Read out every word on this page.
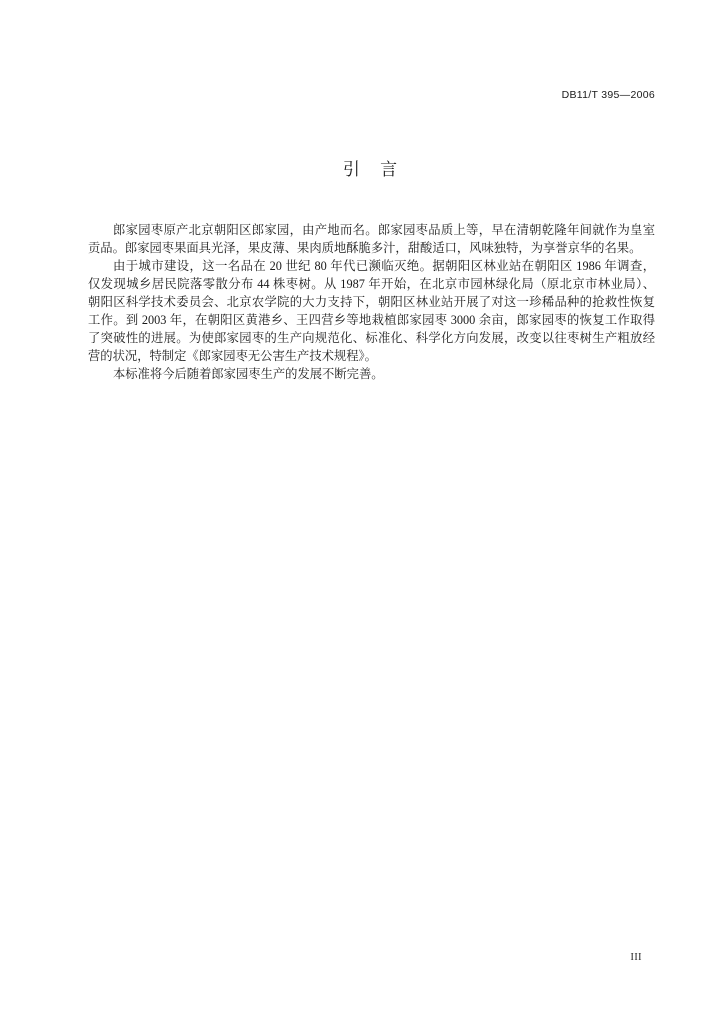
DB11/T 395—2006
引 言
郎家园枣原产北京朝阳区郎家园，由产地而名。郎家园枣品质上等，早在清朝乾隆年间就作为皇室
贡品。郎家园枣果面具光泽，果皮薄、果肉质地酥脆多汁，甜酸适口，风味独特，为享誉京华的名果。
由于城市建设，这一名品在 20 世纪 80 年代已濒临灭绝。据朝阳区林业站在朝阳区 1986 年调查，
仅发现城乡居民院落零散分布 44 株枣树。从 1987 年开始，在北京市园林绿化局（原北京市林业局）、
朝阳区科学技术委员会、北京农学院的大力支持下，朝阳区林业站开展了对这一珍稀品种的抢救性恢复
工作。到 2003 年，在朝阳区黄港乡、王四营乡等地栽植郎家园枣 3000 余亩，郎家园枣的恢复工作取得
了突破性的进展。为使郎家园枣的生产向规范化、标准化、科学化方向发展，改变以往枣树生产粗放经
营的状况，特制定《郎家园枣无公害生产技术规程》。
本标准将今后随着郎家园枣生产的发展不断完善。
III
